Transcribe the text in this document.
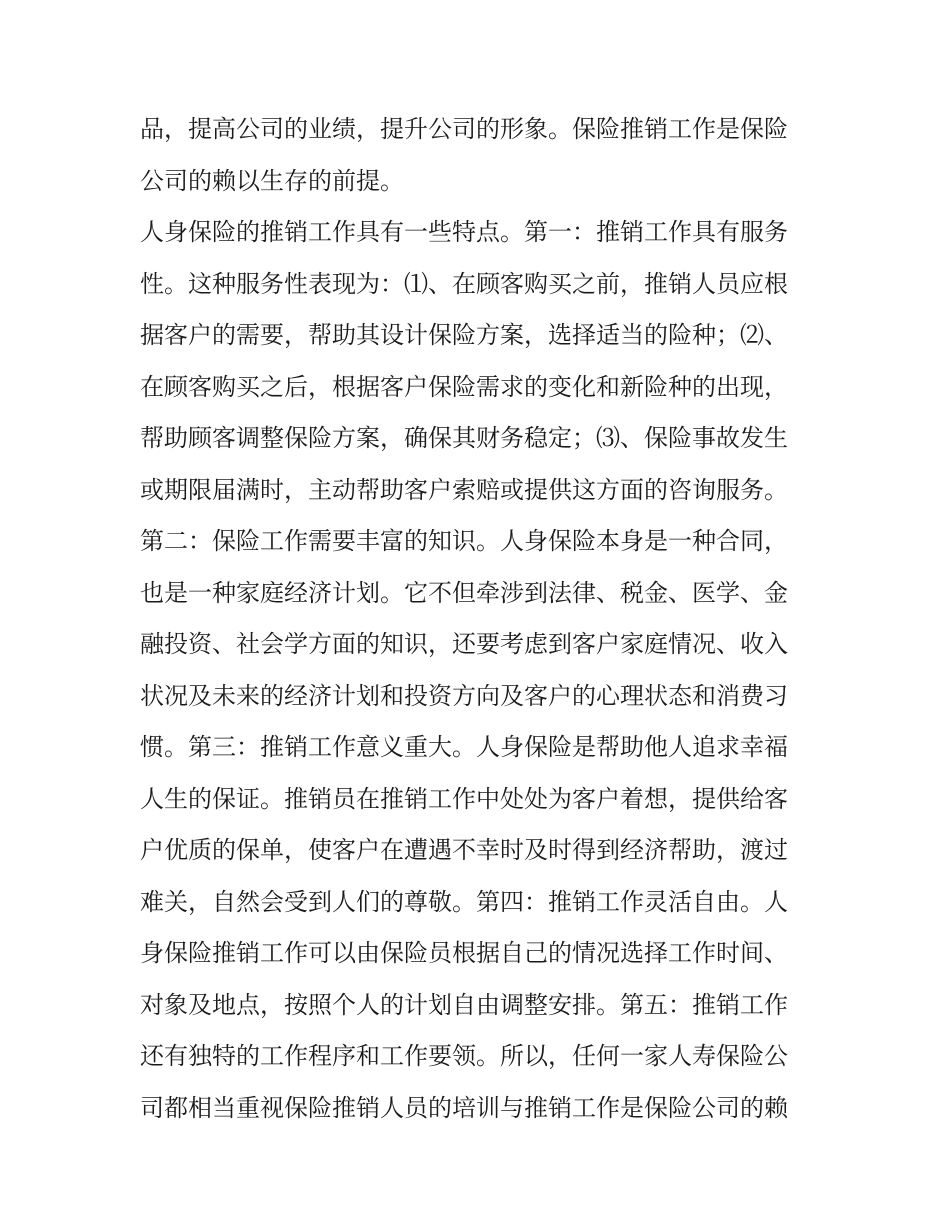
品，提高公司的业绩，提升公司的形象。保险推销工作是保险
公司的赖以生存的前提。
人身保险的推销工作具有一些特点。第一：推销工作具有服务
性。这种服务性表现为：⑴、在顾客购买之前，推销人员应根
据客户的需要，帮助其设计保险方案，选择适当的险种；⑵、
在顾客购买之后，根据客户保险需求的变化和新险种的出现，
帮助顾客调整保险方案，确保其财务稳定；⑶、保险事故发生
或期限届满时，主动帮助客户索赔或提供这方面的咨询服务。
第二：保险工作需要丰富的知识。人身保险本身是一种合同，
也是一种家庭经济计划。它不但牵涉到法律、税金、医学、金
融投资、社会学方面的知识，还要考虑到客户家庭情况、收入
状况及未来的经济计划和投资方向及客户的心理状态和消费习
惯。第三：推销工作意义重大。人身保险是帮助他人追求幸福
人生的保证。推销员在推销工作中处处为客户着想，提供给客
户优质的保单，使客户在遭遇不幸时及时得到经济帮助，渡过
难关，自然会受到人们的尊敬。第四：推销工作灵活自由。人
身保险推销工作可以由保险员根据自己的情况选择工作时间、
对象及地点，按照个人的计划自由调整安排。第五：推销工作
还有独特的工作程序和工作要领。所以，任何一家人寿保险公
司都相当重视保险推销人员的培训与推销工作是保险公司的赖
